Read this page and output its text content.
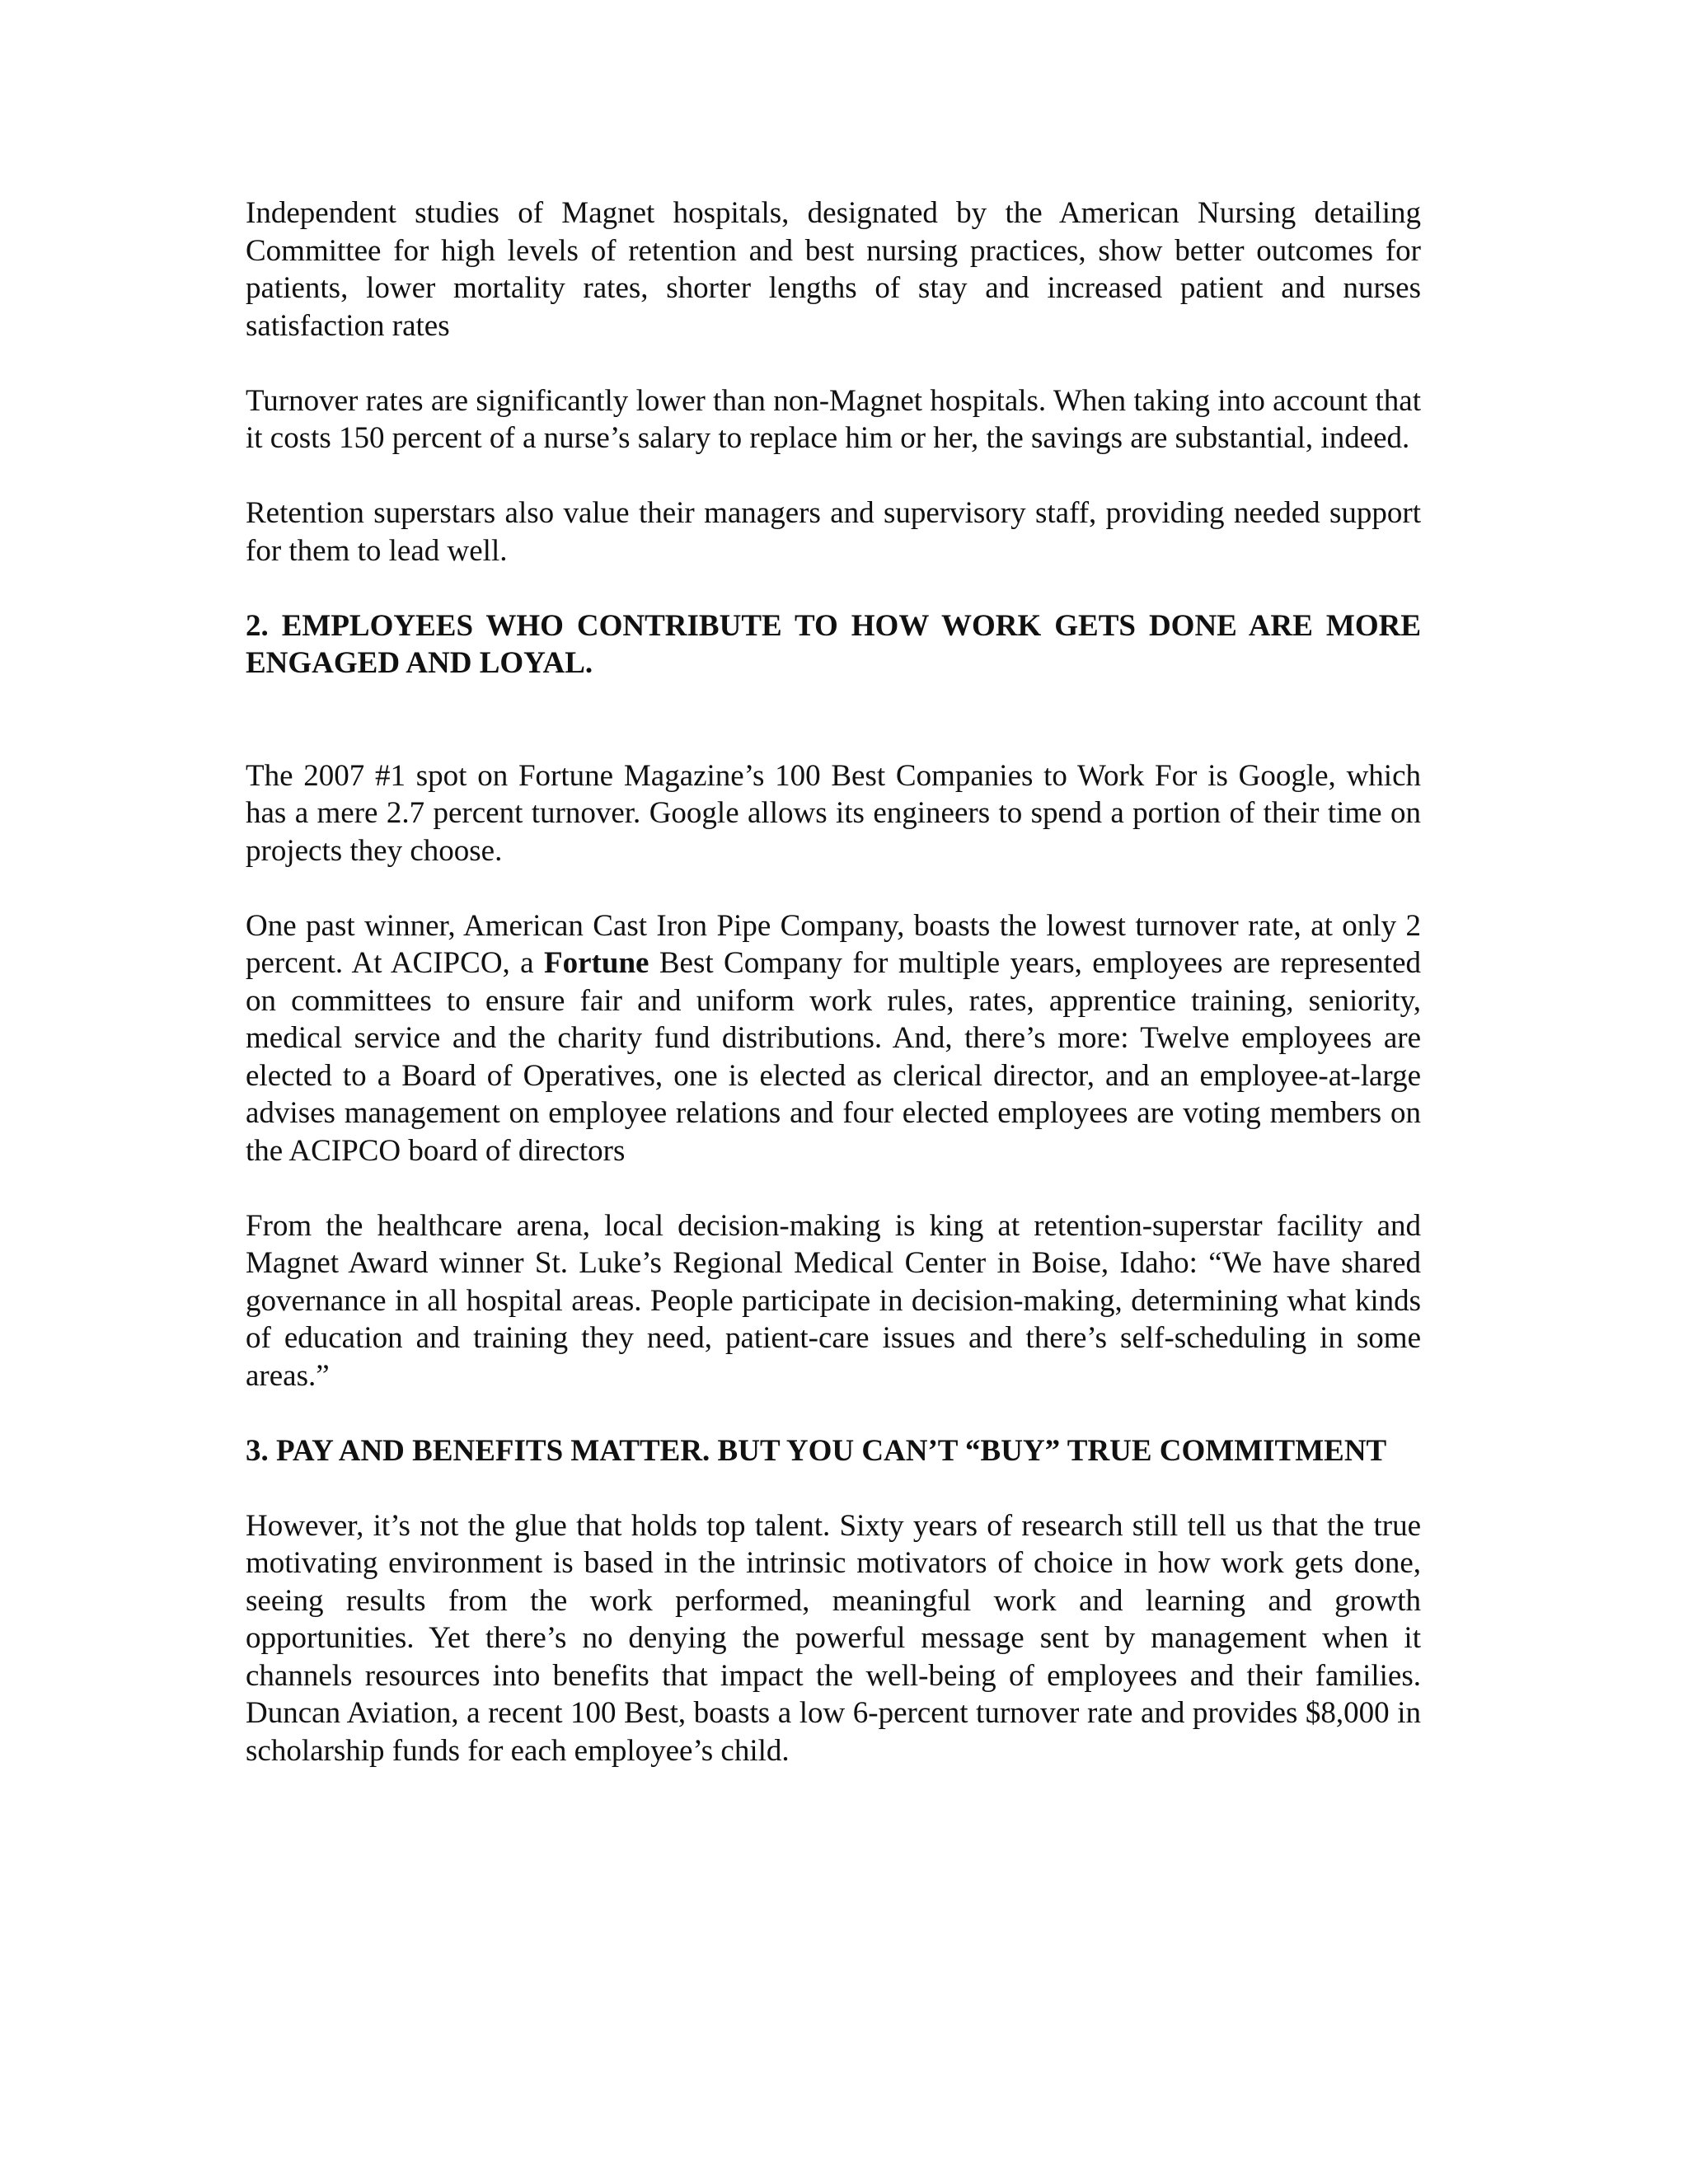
Independent studies of Magnet hospitals, designated by the American Nursing detailing Committee for high levels of retention and best nursing practices, show better outcomes for patients, lower mortality rates, shorter lengths of stay and increased patient and nurses satisfaction rates

Turnover rates are significantly lower than non-Magnet hospitals. When taking into account that it costs 150 percent of a nurse’s salary to replace him or her, the savings are substantial, indeed.

Retention superstars also value their managers and supervisory staff, providing needed support for them to lead well.

2. EMPLOYEES WHO CONTRIBUTE TO HOW WORK GETS DONE ARE MORE ENGAGED AND LOYAL.

The 2007 #1 spot on Fortune Magazine’s 100 Best Companies to Work For is Google, which has a mere 2.7 percent turnover. Google allows its engineers to spend a portion of their time on projects they choose.

One past winner, American Cast Iron Pipe Company, boasts the lowest turnover rate, at only 2 percent. At ACIPCO, a Fortune Best Company for multiple years, employees are represented on committees to ensure fair and uniform work rules, rates, apprentice training, seniority, medical service and the charity fund distributions. And, there’s more: Twelve employees are elected to a Board of Operatives, one is elected as clerical director, and an employee-at-large advises management on employee relations and four elected employees are voting members on the ACIPCO board of directors

From the healthcare arena, local decision-making is king at retention-superstar facility and Magnet Award winner St. Luke’s Regional Medical Center in Boise, Idaho: “We have shared governance in all hospital areas. People participate in decision-making, determining what kinds of education and training they need, patient-care issues and there’s self-scheduling in some areas.”

3. PAY AND BENEFITS MATTER. BUT YOU CAN’T “BUY” TRUE COMMITMENT

However, it’s not the glue that holds top talent. Sixty years of research still tell us that the true motivating environment is based in the intrinsic motivators of choice in how work gets done, seeing results from the work performed, meaningful work and learning and growth opportunities. Yet there’s no denying the powerful message sent by management when it channels resources into benefits that impact the well-being of employees and their families. Duncan Aviation, a recent 100 Best, boasts a low 6-percent turnover rate and provides $8,000 in scholarship funds for each employee’s child.
